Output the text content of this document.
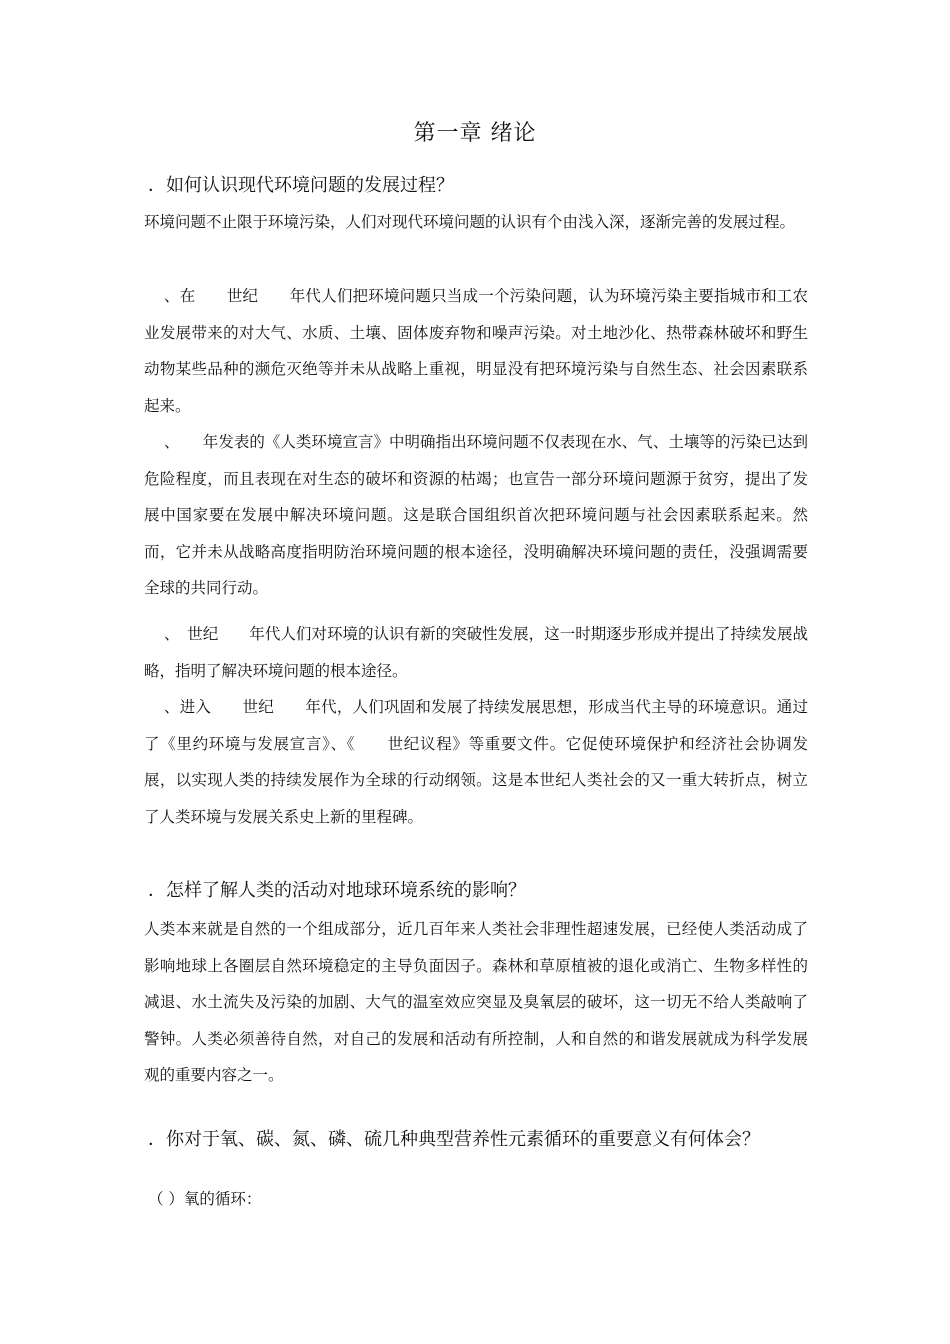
第一章 绪论
．如何认识现代环境问题的发展过程？
环境问题不止限于环境污染，人们对现代环境问题的认识有个由浅入深，逐渐完善的发展过程。
、在　　世纪　　年代人们把环境问题只当成一个污染问题，认为环境污染主要指城市和工农业发展带来的对大气、水质、土壤、固体废弃物和噪声污染。对土地沙化、热带森林破坏和野生动物某些品种的濒危灭绝等并未从战略上重视，明显没有把环境污染与自然生态、社会因素联系起来。
、　　年发表的《人类环境宣言》中明确指出环境问题不仅表现在水、气、土壤等的污染已达到危险程度，而且表现在对生态的破坏和资源的枯竭；也宣告一部分环境问题源于贫穷，提出了发展中国家要在发展中解决环境问题。这是联合国组织首次把环境问题与社会因素联系起来。然而，它并未从战略高度指明防治环境问题的根本途径，没明确解决环境问题的责任，没强调需要全球的共同行动。
、　世纪　　年代人们对环境的认识有新的突破性发展，这一时期逐步形成并提出了持续发展战略，指明了解决环境问题的根本途径。
、进入　　世纪　　年代，人们巩固和发展了持续发展思想，形成当代主导的环境意识。通过了《里约环境与发展宣言》、《　　世纪议程》等重要文件。它促使环境保护和经济社会协调发展，以实现人类的持续发展作为全球的行动纲领。这是本世纪人类社会的又一重大转折点，树立了人类环境与发展关系史上新的里程碑。
．怎样了解人类的活动对地球环境系统的影响？
人类本来就是自然的一个组成部分，近几百年来人类社会非理性超速发展，已经使人类活动成了影响地球上各圈层自然环境稳定的主导负面因子。森林和草原植被的退化或消亡、生物多样性的减退、水土流失及污染的加剧、大气的温室效应突显及臭氧层的破坏，这一切无不给人类敲响了警钟。人类必须善待自然，对自己的发展和活动有所控制，人和自然的和谐发展就成为科学发展观的重要内容之一。
．你对于氧、碳、氮、磷、硫几种典型营养性元素循环的重要意义有何体会？
（ ）氧的循环：
